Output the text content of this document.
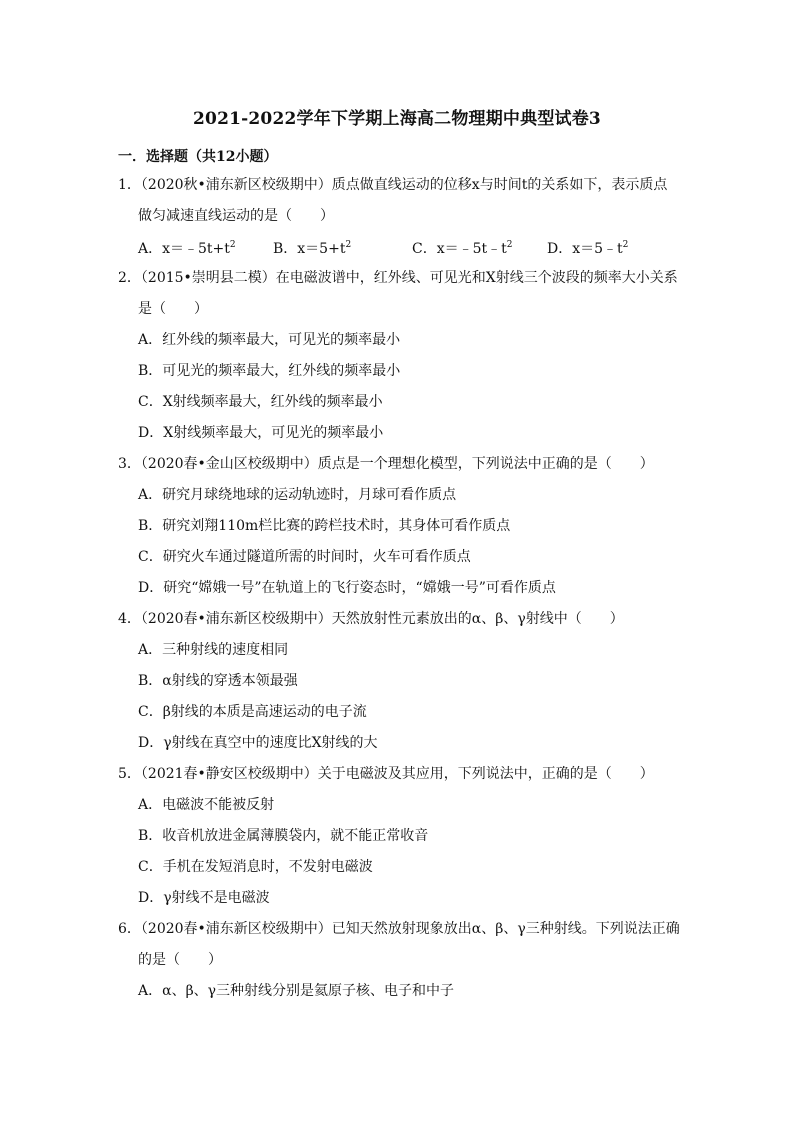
2021-2022学年下学期上海高二物理期中典型试卷3
一．选择题（共12小题）
1．（2020秋•浦东新区校级期中）质点做直线运动的位移x与时间t的关系如下，表示质点
做匀减速直线运动的是（　　）
A．$x=﹣5t+t^2$	B．$x=5+t^2$	C．$x=﹣5t﹣t^2$ D．$x=5﹣t^2$
2．（2015•崇明县二模）在电磁波谱中，红外线、可见光和X射线三个波段的频率大小关系
是（　　）
A．红外线的频率最大，可见光的频率最小
B．可见光的频率最大，红外线的频率最小
C．X射线频率最大，红外线的频率最小
D．X射线频率最大，可见光的频率最小
3．（2020春•金山区校级期中）质点是一个理想化模型，下列说法中正确的是（　　）
A．研究月球绕地球的运动轨迹时，月球可看作质点
B．研究刘翔110m栏比赛的跨栏技术时，其身体可看作质点
C．研究火车通过隧道所需的时间时，火车可看作质点
D．研究“嫦娥一号”在轨道上的飞行姿态时，“嫦娥一号”可看作质点
4．（2020春•浦东新区校级期中）天然放射性元素放出的α、β、γ射线中（　　）
A．三种射线的速度相同
B．α射线的穿透本领最强
C．β射线的本质是高速运动的电子流
D．γ射线在真空中的速度比X射线的大
5．（2021春•静安区校级期中）关于电磁波及其应用，下列说法中，正确的是（　　）
A．电磁波不能被反射
B．收音机放进金属薄膜袋内，就不能正常收音
C．手机在发短消息时，不发射电磁波
D．γ射线不是电磁波
6．（2020春•浦东新区校级期中）已知天然放射现象放出α、β、γ三种射线。下列说法正确
的是（　　）
A．α、β、γ三种射线分别是氦原子核、电子和中子
